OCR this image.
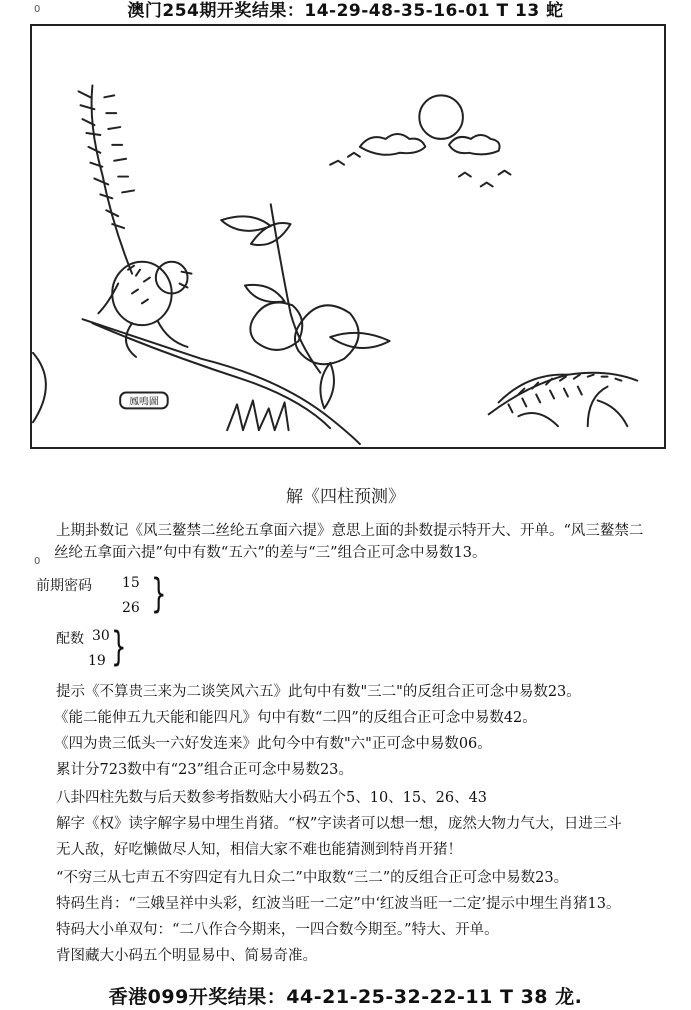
0	澳门254期开奖结果：14-29-48-35-16-01 T 13 蛇
鳳鳴圖
解《四柱预测》
上期卦数记《风三鳌禁二丝纶五拿面六提》意思上面的卦数提示特开大、开单。“风三鳌禁二
丝纶五拿面六提”句中有数“五六”的差与“三”组合正可念中易数13。
0
前期密码 15
26 }
配数 30
19 }
提示《不算贵三来为二谈笑风六五》此句中有数"三二"的反组合正可念中易数23。
《能二能伸五九天能和能四凡》句中有数“二四”的反组合正可念中易数42。
《四为贵三低头一六好发连来》此句今中有数"六"正可念中易数06。
累计分723数中有“23”组合正可念中易数23。
八卦四柱先数与后天数参考指数贴大小码五个5、10、15、26、43
解字《权》读字解字易中埋生肖猪。“权”字读者可以想一想，庞然大物力气大，日进三斗
无人敌，好吃懒做尽人知，相信大家不难也能猜测到特肖开猪！
“不穷三从七声五不穷四定有九日众二”中取数“三二”的反组合正可念中易数23。
特码生肖：“三娥呈祥中头彩，红波当旺一二定”中‘红波当旺一二定’提示中埋生肖猪13。
特码大小单双句：“二八作合今期来，一四合数今期至。”特大、开单。
背图藏大小码五个明显易中、简易奇准。
香港099开奖结果：44-21-25-32-22-11 T 38 龙.
